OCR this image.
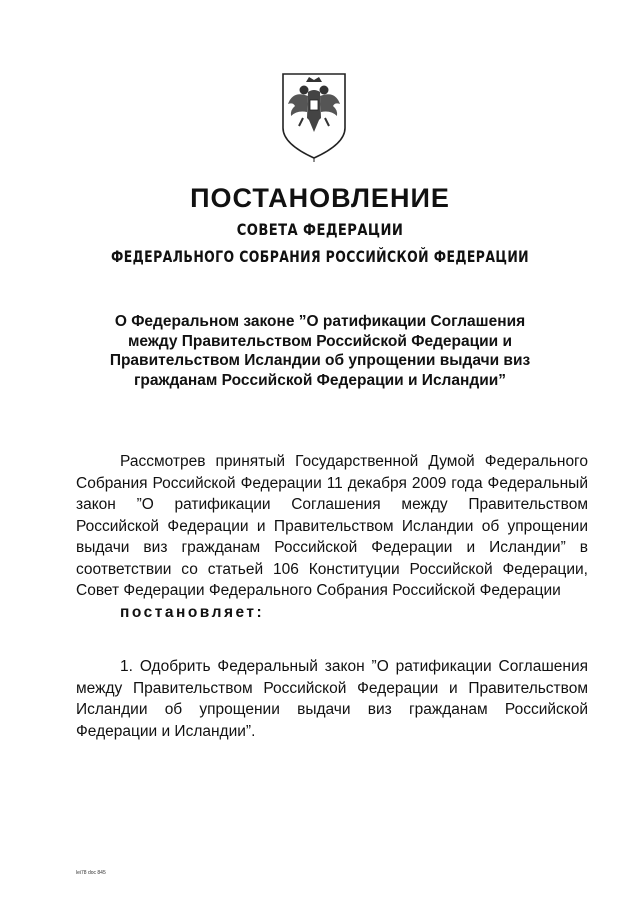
ПОСТАНОВЛЕНИЕ
СОВЕТА ФЕДЕРАЦИИ
ФЕДЕРАЛЬНОГО СОБРАНИЯ РОССИЙСКОЙ ФЕДЕРАЦИИ

О Федеральном законе ”О ратификации Соглашения между Правительством Российской Федерации и Правительством Исландии об упрощении выдачи виз гражданам Российской Федерации и Исландии”

Рассмотрев принятый Государственной Думой Федерального Собрания Российской Федерации 11 декабря 2009 года Федеральный закон ”О ратификации Соглашения между Правительством Российской Федерации и Правительством Исландии об упрощении выдачи виз гражданам Российской Федерации и Исландии” в соответствии со статьей 106 Конституции Российской Федерации, Совет Федерации Федерального Собрания Российской Федерации
постановляет:

1. Одобрить Федеральный закон ”О ратификации Соглашения между Правительством Российской Федерации и Правительством Исландии об упрощении выдачи виз гражданам Российской Федерации и Исландии”.

lei78 doc 845
